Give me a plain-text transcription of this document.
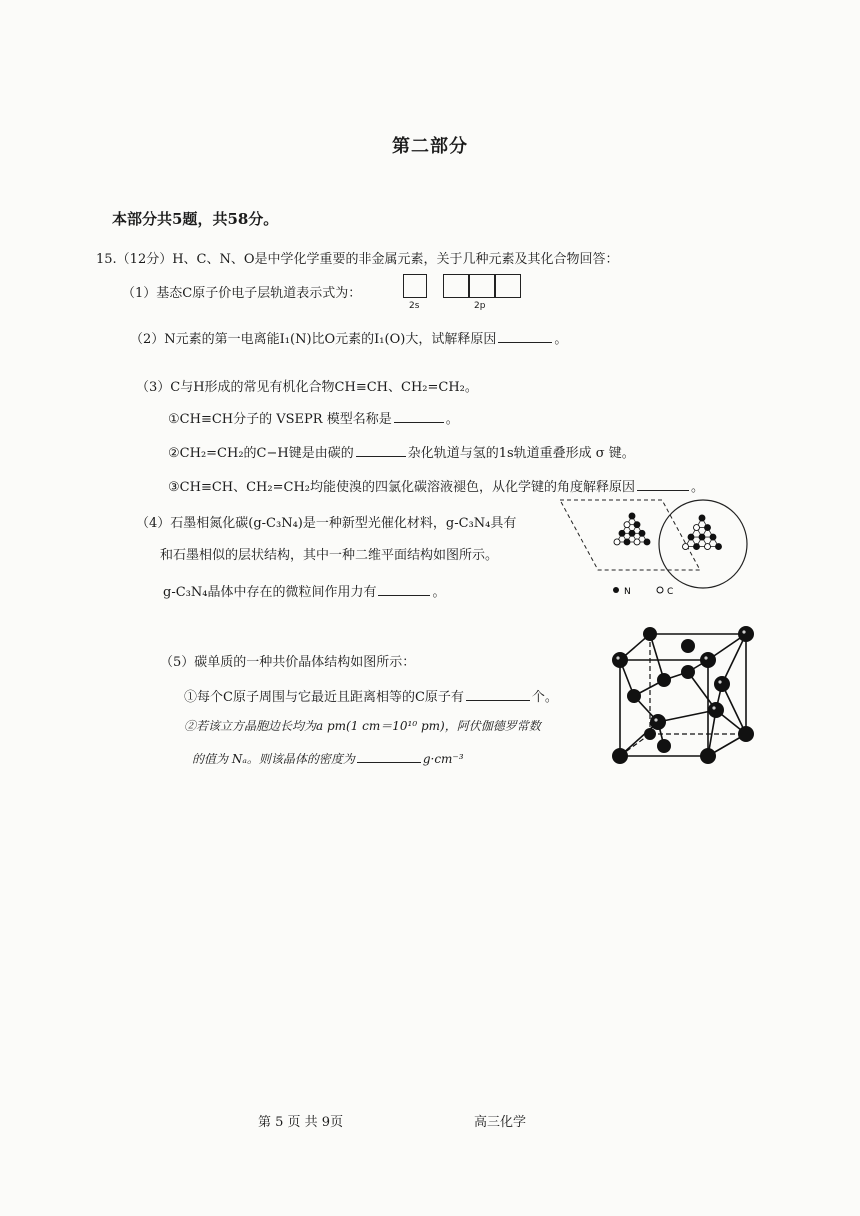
第二部分
本部分共5题，共58分。
15.（12分）H、C、N、O是中学化学重要的非金属元素，关于几种元素及其化合物回答：
（1）基态C原子价电子层轨道表示式为：
2s	2p
（2）N元素的第一电离能I₁(N)比O元素的I₁(O)大，试解释原因	。
（3）C与H形成的常见有机化合物CH≡CH、CH₂=CH₂。
①CH≡CH分子的 VSEPR 模型名称是	。
②CH₂=CH₂的C−H键是由碳的	杂化轨道与氢的1s轨道重叠形成 σ 键。
③CH≡CH、CH₂=CH₂均能使溴的四氯化碳溶液褪色，从化学键的角度解释原因	。
（4）石墨相氮化碳(g-C₃N₄)是一种新型光催化材料，g-C₃N₄具有
和石墨相似的层状结构，其中一种二维平面结构如图所示。
g-C₃N₄晶体中存在的微粒间作用力有	。	N	C
（5）碳单质的一种共价晶体结构如图所示：
①每个C原子周围与它最近且距离相等的C原子有	个。
②若该立方晶胞边长均为a pm(1 cm＝10¹⁰ pm)，阿伏伽德罗常数
的值为 Nₐ。则该晶体的密度为	g·cm⁻³
第 5 页 共 9页	高三化学
